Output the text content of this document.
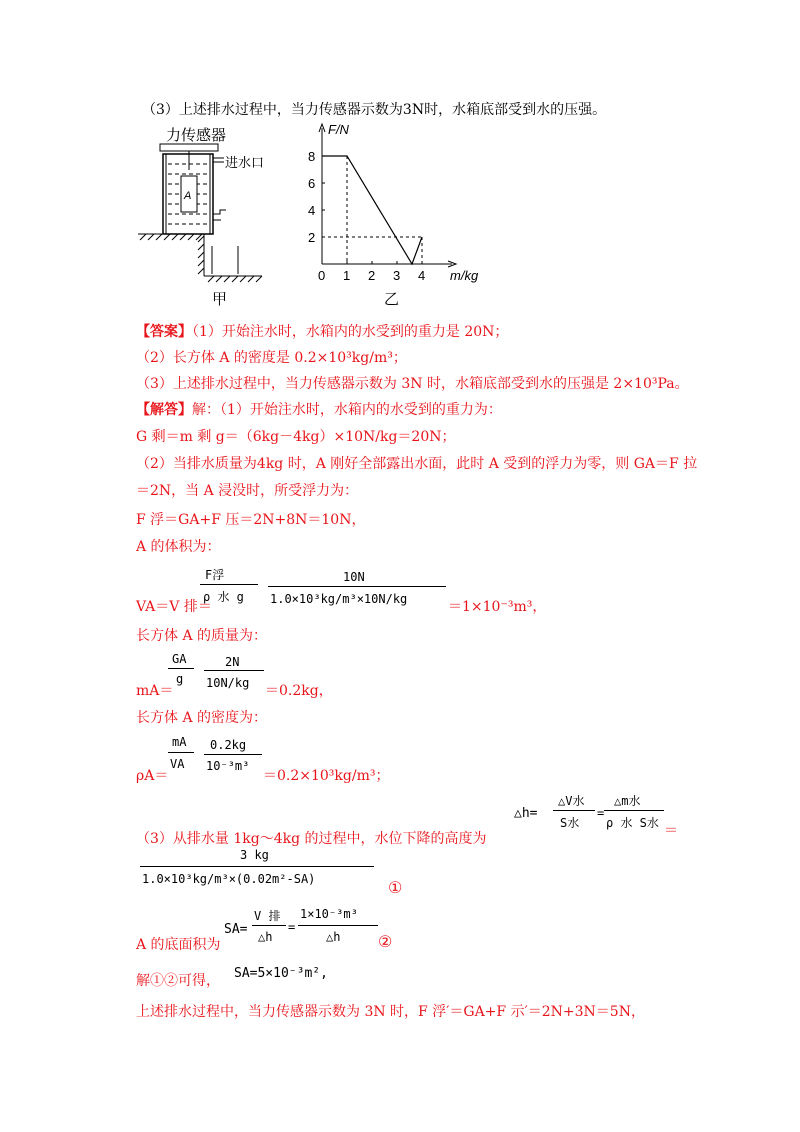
（3）上述排水过程中，当力传感器示数为3N时，水箱底部受到水的压强。
力传感器
A
进水口
甲
F/N
m/kg
0 1 2 3 4
8
6
4
2
乙
【答案】（1）开始注水时，水箱内的水受到的重力是 20N；
（2）长方体 A 的密度是 0.2×10³kg/m³；
（3）上述排水过程中，当力传感器示数为 3N 时，水箱底部受到水的压强是 2×10³Pa。
【解答】解：（1）开始注水时，水箱内的水受到的重力为：
G 剩＝m 剩 g＝（6kg－4kg）×10N/kg＝20N；
（2）当排水质量为4kg 时，A 刚好全部露出水面，此时 A 受到的浮力为零，则 GA＝F 拉
＝2N，当 A 浸没时，所受浮力为：
F 浮＝GA+F 压＝2N+8N＝10N，
A 的体积为：
VA＝V 排＝
F浮
ρ 水 g
10N
1.0×10³kg/m³×10N/kg	＝1×10⁻³m³，
长方体 A 的质量为：
mA＝
GA
g
2N
10N/kg ＝0.2kg，
长方体 A 的密度为：
ρA＝
mA
VA
0.2kg
10⁻³m³
＝0.2×10³kg/m³；
（3）从排水量 1kg～4kg 的过程中，水位下降的高度为
△h=
△V水
S水
=
△m水
ρ 水 S水 ＝
3 kg
1.0×10³kg/m³×(0.02m²-SA)	①
A 的底面积为
SA=
V 排
△h
=
1×10⁻³m³
△h ②
解①②可得， SA=5×10⁻³m²,
上述排水过程中，当力传感器示数为 3N 时，F 浮′＝GA+F 示′＝2N+3N＝5N，
